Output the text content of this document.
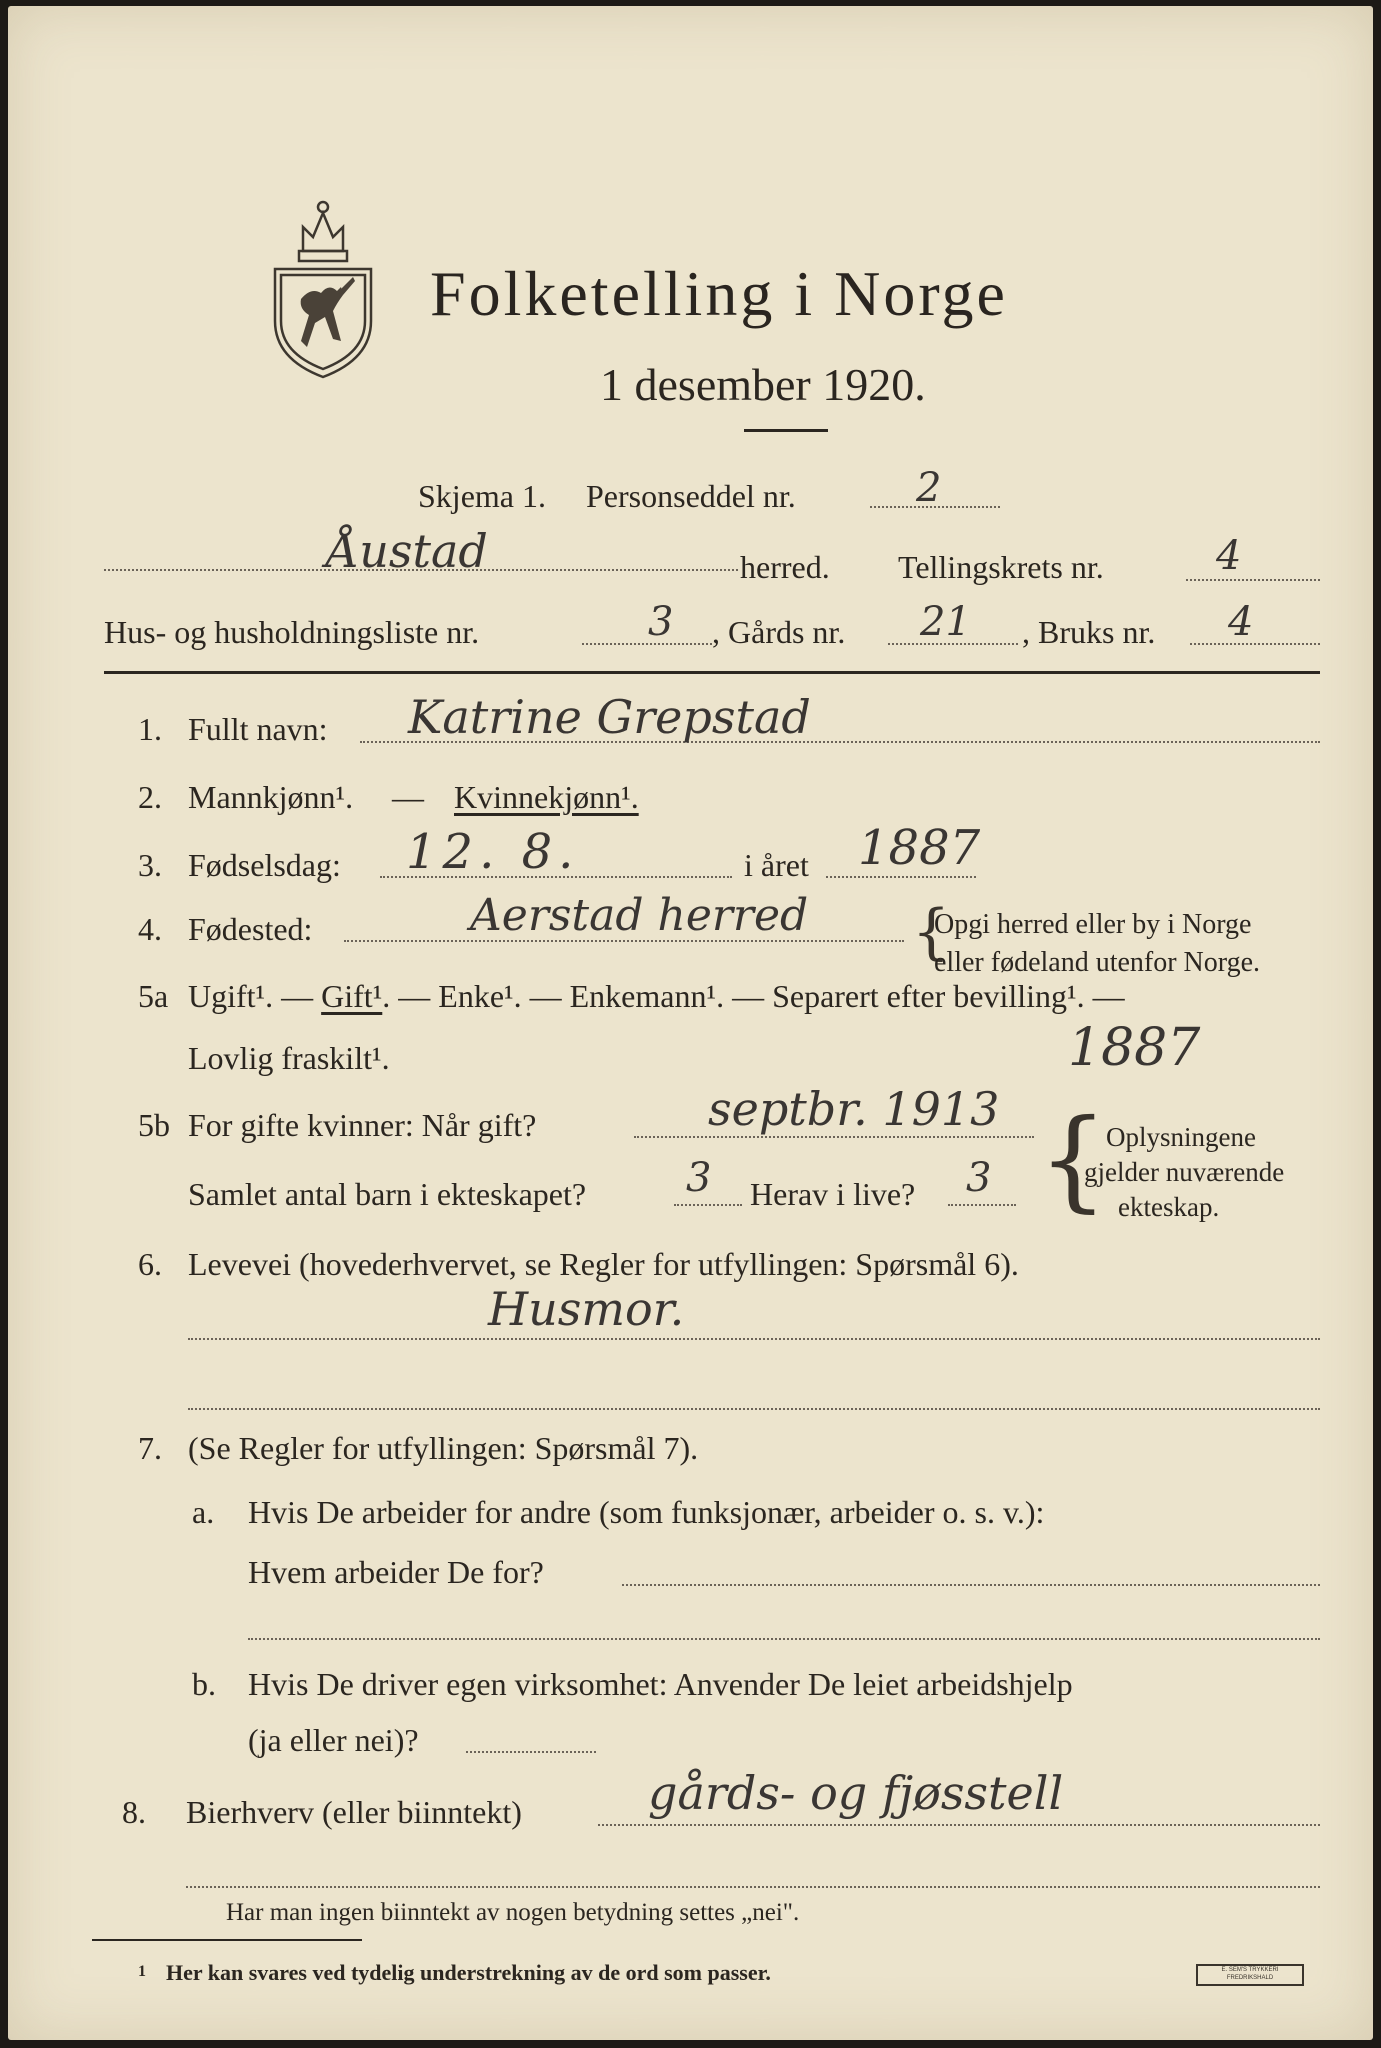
Folketelling i Norge
1 desember 1920.
Skjema 1. Personseddel nr.	2
Åustad	herred. Tellingskrets nr.	4
Hus- og husholdningsliste nr.	3 , Gårds nr. 21 , Bruks nr. 4
1. Fullt navn: Katrine Grepstad
2. Mannkjønn¹. — Kvinnekjønn¹.
3. Fødselsdag: 12. 8.	i året 1887
4. Fødested:	Aerstad herred {
Opgi herred eller by i Norge
eller fødeland utenfor Norge.
5a Ugift¹. — Gift¹. — Enke¹. — Enkemann¹. — Separert efter bevilling¹. —
Lovlig fraskilt¹.	1887
5b For gifte kvinner: Når gift?	septbr. 1913
Samlet antal barn i ekteskapet? 3 Herav i live? 3 {
Oplysningene
gjelder nuværende
ekteskap.
6. Levevei (hovederhvervet, se Regler for utfyllingen: Spørsmål 6).
Husmor.
7. (Se Regler for utfyllingen: Spørsmål 7).
a. Hvis De arbeider for andre (som funksjonær, arbeider o. s. v.):
Hvem arbeider De for?
b. Hvis De driver egen virksomhet: Anvender De leiet arbeidshjelp
(ja eller nei)?
8. Bierhverv (eller biinntekt)	gårds- og fjøsstell
Har man ingen biinntekt av nogen betydning settes „nei".
1 Her kan svares ved tydelig understrekning av de ord som passer.	E. SEM'S TRYKKERI FREDRIKSHALD
